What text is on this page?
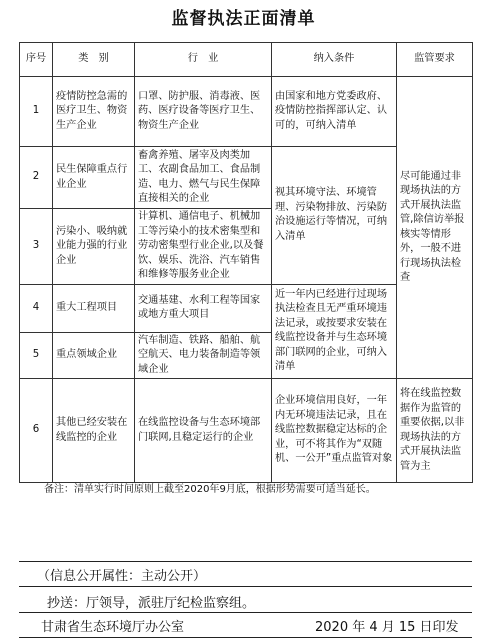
监督执法正面清单
序号	类　别	行　业	纳入条件	监管要求
1	疫情防控急需的医疗卫生、物资生产企业	口罩、防护服、消毒液、医药、医疗设备等医疗卫生、物资生产企业	由国家和地方党委政府、疫情防控指挥部认定、认可的，可纳入清单	尽可能通过非现场执法的方式开展执法监管,除信访举报核实等情形外，一般不进行现场执法检查
2	民生保障重点行业企业	畜禽养殖、屠宰及肉类加工、农副食品加工、食品制造、电力、燃气与民生保障直接相关的企业	视其环境守法、环境管理、污染物排放、污染防治设施运行等情况，可纳入清单	
3	污染小、吸纳就业能力强的行业企业	计算机、通信电子、机械加工等污染小的技术密集型和劳动密集型行业企业,以及餐饮、娱乐、洗浴、汽车销售和维修等服务业企业		
4	重大工程项目	交通基建、水利工程等国家或地方重大项目	近一年内已经进行过现场执法检查且无严重环境违法记录，或按要求安装在线监控设备并与生态环境部门联网的企业，可纳入清单	
5	重点领域企业	汽车制造、铁路、船舶、航空航天、电力装备制造等领域企业		
6	其他已经安装在线监控的企业	在线监控设备与生态环境部门联网,且稳定运行的企业	企业环境信用良好，一年内无环境违法记录，且在线监控数据稳定达标的企业，可不将其作为“双随机、一公开”重点监管对象	将在线监控数据作为监管的重要依据,以非现场执法的方式开展执法监管为主
备注：清单实行时间原则上截至2020年9月底，根据形势需要可适当延长。
（信息公开属性：主动公开）
抄送：厅领导，派驻厅纪检监察组。
甘肃省生态环境厅办公室	2020 年 4 月 15 日印发
